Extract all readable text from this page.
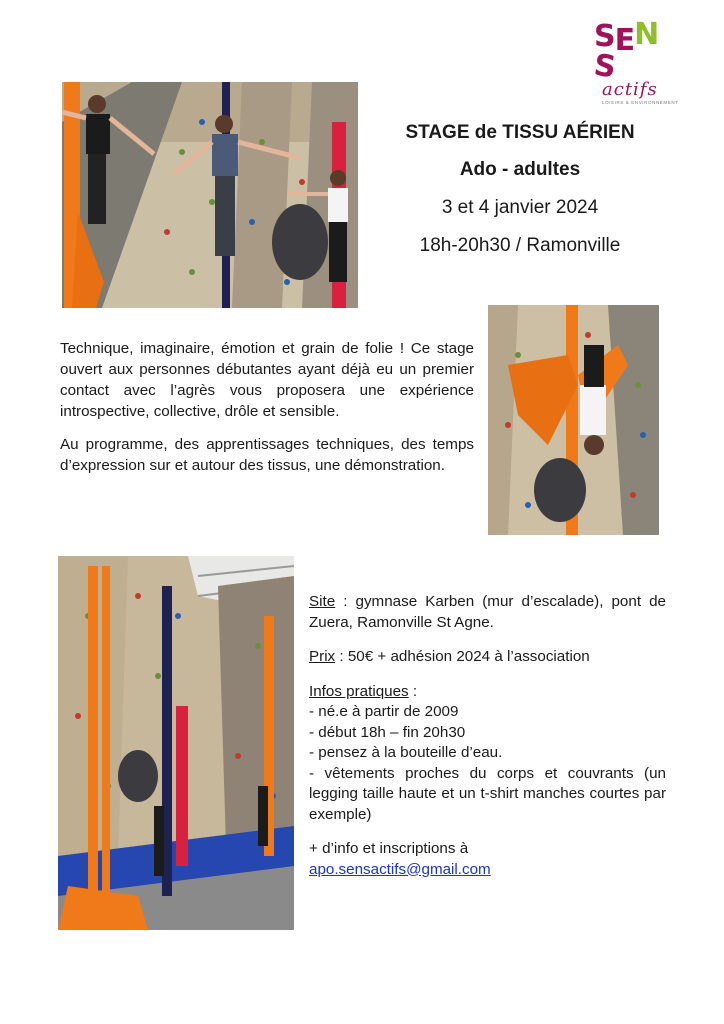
SENS
actifs
LOISIRS & ENVIRONNEMENT
STAGE de TISSU AÉRIEN
Ado - adultes
3 et 4 janvier 2024
18h-20h30 / Ramonville
Technique, imaginaire, émotion et grain de folie ! Ce stage ouvert aux personnes débutantes ayant déjà eu un premier contact avec l’agrès vous proposera une expérience introspective, collective, drôle et sensible.
Au programme, des apprentissages techniques, des temps d’expression sur et autour des tissus, une démonstration.
Site : gymnase Karben (mur d’escalade), pont de Zuera, Ramonville St Agne.
Prix : 50€ + adhésion 2024 à l’association
Infos pratiques :
- né.e à partir de 2009
- début 18h – fin 20h30
- pensez à la bouteille d’eau.
- vêtements proches du corps et couvrants (un legging taille haute et un t-shirt manches courtes par exemple)
+ d’info et inscriptions à
apo.sensactifs@gmail.com
